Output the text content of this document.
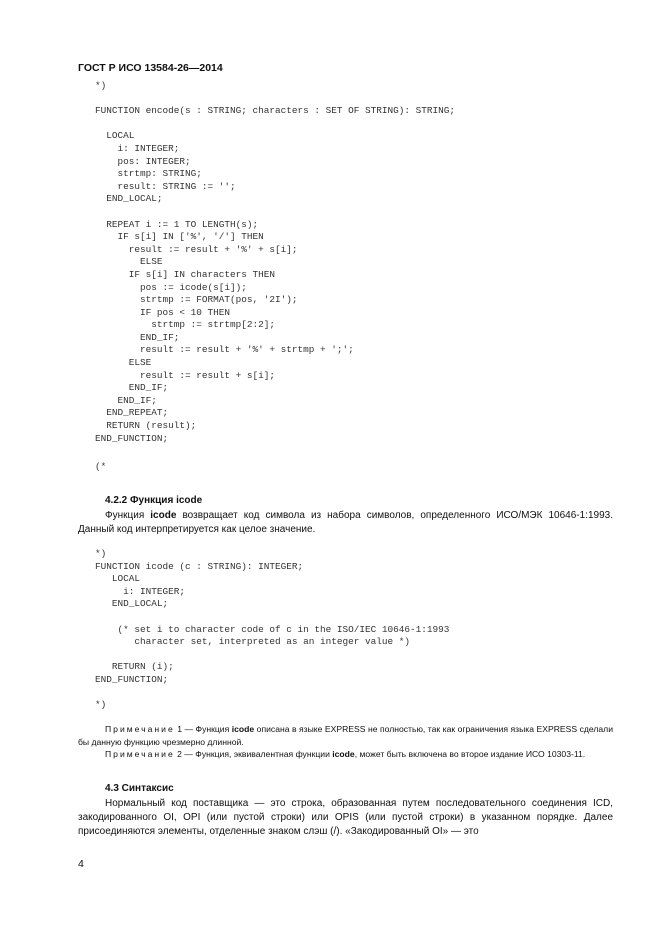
ГОСТ Р ИСО 13584-26—2014
*)

FUNCTION encode(s : STRING; characters : SET OF STRING): STRING;

LOCAL
i: INTEGER;
pos: INTEGER;
strtmp: STRING;
result: STRING := '';
END_LOCAL;

REPEAT i := 1 TO LENGTH(s);
IF s[i] IN ['%', '/'] THEN
result := result + '%' + s[i];
ELSE
IF s[i] IN characters THEN
pos := icode(s[i]);
strtmp := FORMAT(pos, '2I');
IF pos < 10 THEN
strtmp := strtmp[2:2];
END_IF;
result := result + '%' + strtmp + ';';
ELSE
result := result + s[i];
END_IF;
END_IF;
END_REPEAT;
RETURN (result);
END_FUNCTION;
(*
4.2.2 Функция icode
Функция icode возвращает код символа из набора символов, определенного ИСО/МЭК 10646-1:1993. Данный код интерпретируется как целое значение.
*)
FUNCTION icode (c : STRING): INTEGER;
LOCAL
i: INTEGER;
END_LOCAL;

(* set i to character code of c in the ISO/IEC 10646-1:1993
character set, interpreted as an integer value *)

RETURN (i);
END_FUNCTION;

*)
Примечание 1 — Функция icode описана в языке EXPRESS не полностью, так как ограничения языка EXPRESS сделали бы данную функцию чрезмерно длинной.
Примечание 2 — Функция, эквивалентная функции icode, может быть включена во второе издание ИСО 10303-11.
4.3 Синтаксис
Нормальный код поставщика — это строка, образованная путем последовательного соединения ICD, закодированного OI, OPI (или пустой строки) или OPIS (или пустой строки) в указанном порядке. Далее присоединяются элементы, отделенные знаком слэш (/). «Закодированный OI» — это
4
